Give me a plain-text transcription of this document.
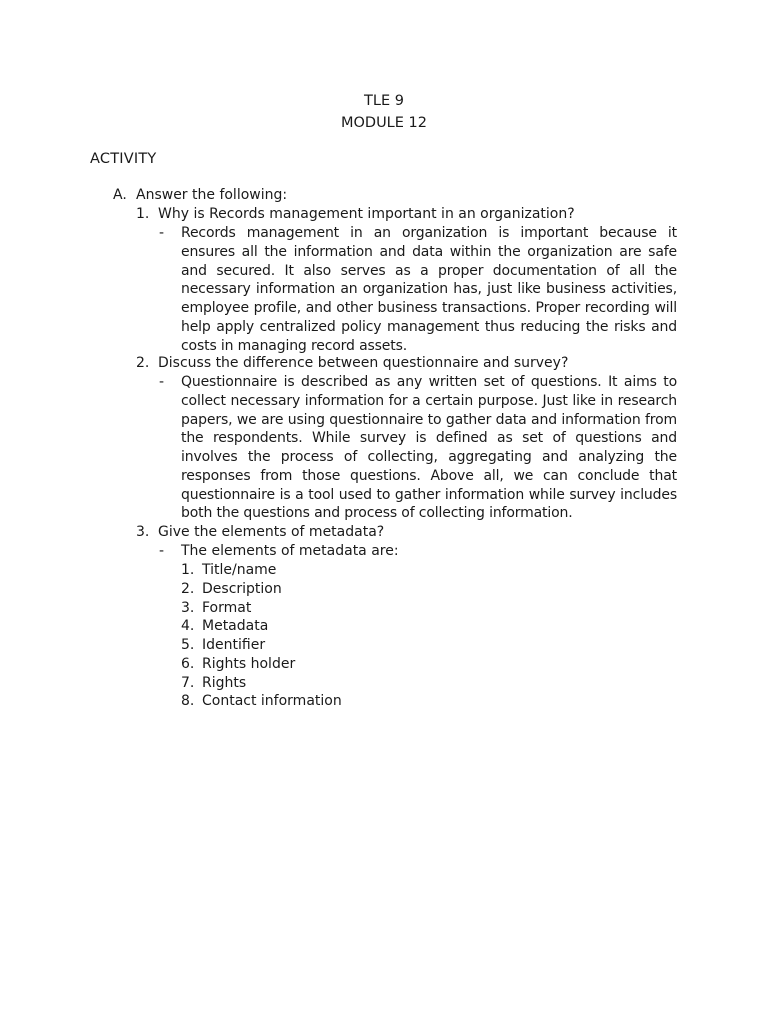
TLE 9
MODULE 12
ACTIVITY
A. Answer the following:
1. Why is Records management important in an organization?
- Records management in an organization is important because it ensures all the information and data within the organization are safe and secured. It also serves as a proper documentation of all the necessary information an organization has, just like business activities, employee profile, and other business transactions. Proper recording will help apply centralized policy management thus reducing the risks and costs in managing record assets.
2. Discuss the difference between questionnaire and survey?
- Questionnaire is described as any written set of questions. It aims to collect necessary information for a certain purpose. Just like in research papers, we are using questionnaire to gather data and information from the respondents. While survey is defined as set of questions and involves the process of collecting, aggregating and analyzing the responses from those questions. Above all, we can conclude that questionnaire is a tool used to gather information while survey includes both the questions and process of collecting information.
3. Give the elements of metadata?
- The elements of metadata are:
1. Title/name
2. Description
3. Format
4. Metadata
5. Identifier
6. Rights holder
7. Rights
8. Contact information
